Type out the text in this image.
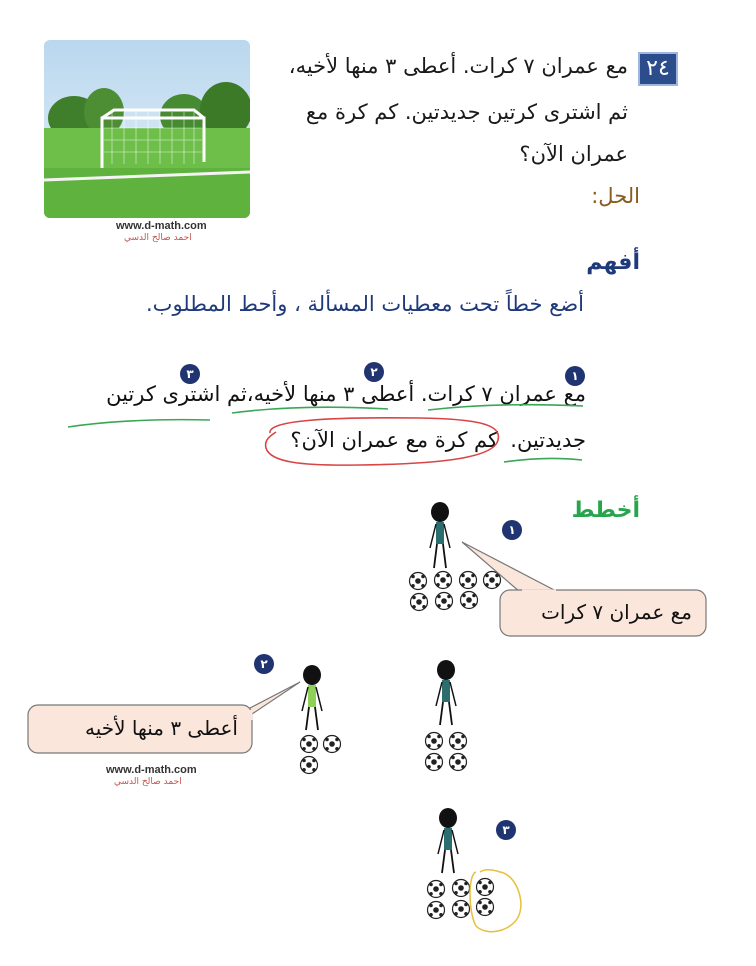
٢٤
مع عمران ٧ كرات. أعطى ٣ منها لأخيه،
ثم اشترى كرتين جديدتين. كم كرة مع
عمران الآن؟
الحل:
www.d-math.com
احمد صالح الدسي
أفهم
أضع خطاً تحت معطيات المسألة ، وأحط المطلوب.
١
٢
٣
مع عمران ٧ كرات. أعطى ٣ منها لأخيه،ثم اشترى كرتين
جديدتين.
كم كرة مع عمران الآن؟
أخطط
١
مع عمران ٧ كرات
٢
أعطى ٣ منها لأخيه
www.d-math.com
احمد صالح الدسي
٣
